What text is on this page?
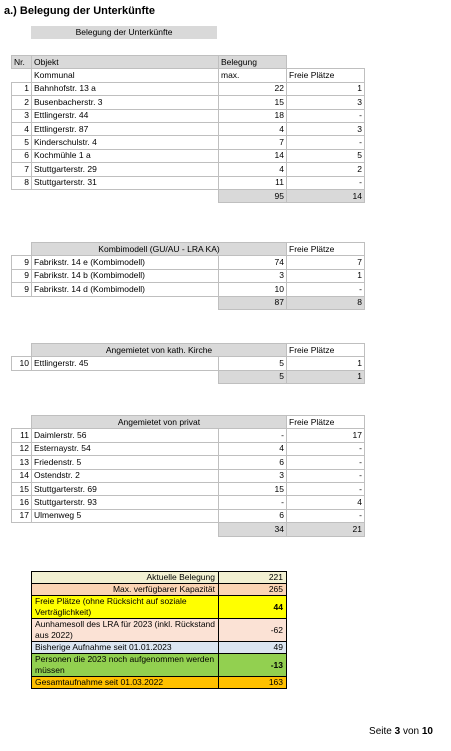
a.) Belegung der Unterkünfte
Belegung der Unterkünfte
Nr.	Objekt	Belegung	
	Kommunal	max.	Freie Plätze
1	Bahnhofstr. 13 a	22	1
2	Busenbacherstr. 3	15	3
3	Ettlingerstr. 44	18	-
4	Ettlingerstr. 87	4	3
5	Kinderschulstr. 4	7	-
6	Kochmühle 1 a	14	5
7	Stuttgarterstr. 29	4	2
8	Stuttgarterstr. 31	11	-
		95	14
	Kombimodell (GU/AU - LRA KA)		Freie Plätze
9	Fabrikstr. 14 e (Kombimodell)	74	7
9	Fabrikstr. 14 b (Kombimodell)	3	1
9	Fabrikstr. 14 d (Kombimodell)	10	-
		87	8
	Angemietet von kath. Kirche		Freie Plätze
10	Ettlingerstr. 45	5	1
		5	1
	Angemietet von privat		Freie Plätze
11	Daimlerstr. 56	-	17
12	Esternaystr. 54	4	-
13	Friedenstr. 5	6	-
14	Ostendstr. 2	3	-
15	Stuttgarterstr. 69	15	-
16	Stuttgarterstr. 93	-	4
17	Ulmenweg 5	6	-
		34	21
Aktuelle Belegung	221
Max. verfügbarer Kapazität	265
Freie Plätze (ohne Rücksicht auf soziale Verträglichkeit)	44
Aunhamesoll des LRA für 2023 (inkl. Rückstand aus 2022)	-62
Bisherige Aufnahme seit 01.01.2023	49
Personen die 2023 noch aufgenommen werden müssen	-13
Gesamtaufnahme seit 01.03.2022	163
Seite 3 von 10
